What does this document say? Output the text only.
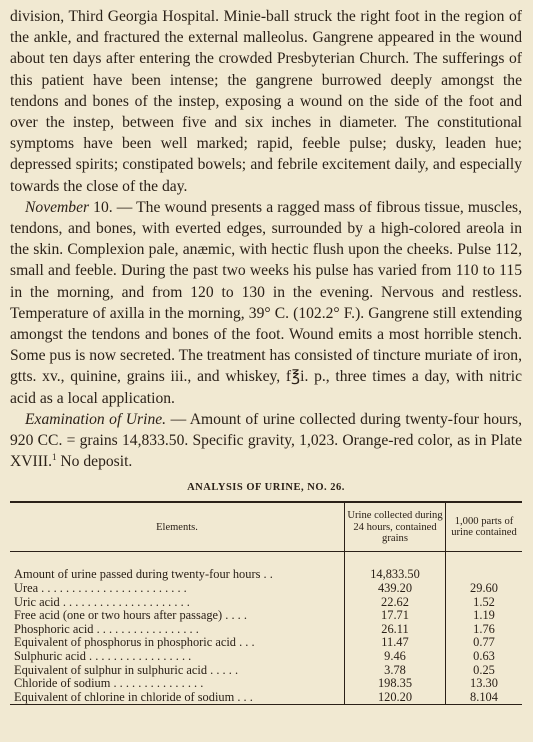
division, Third Georgia Hospital. Minie-ball struck the right foot in the region of the ankle, and fractured the external malleolus. Gangrene appeared in the wound about ten days after entering the crowded Presbyterian Church. The sufferings of this patient have been intense; the gangrene burrowed deeply amongst the tendons and bones of the instep, exposing a wound on the side of the foot and over the instep, between five and six inches in diameter. The constitutional symptoms have been well marked; rapid, feeble pulse; dusky, leaden hue; depressed spirits; constipated bowels; and febrile excitement daily, and especially towards the close of the day.

November 10. — The wound presents a ragged mass of fibrous tissue, muscles, tendons, and bones, with everted edges, surrounded by a high-colored areola in the skin. Complexion pale, anæmic, with hectic flush upon the cheeks. Pulse 112, small and feeble. During the past two weeks his pulse has varied from 110 to 115 in the morning, and from 120 to 130 in the evening. Nervous and restless. Temperature of axilla in the morning, 39° C. (102.2° F.). Gangrene still extending amongst the tendons and bones of the foot. Wound emits a most horrible stench. Some pus is now secreted. The treatment has consisted of tincture muriate of iron, gtts. xv., quinine, grains iii., and whiskey, f℥i. p., three times a day, with nitric acid as a local application.

Examination of Urine. — Amount of urine collected during twenty-four hours, 920 CC. = grains 14,833.50. Specific gravity, 1,023. Orange-red color, as in Plate XVIII.$^1$ No deposit.

ANALYSIS OF URINE, NO. 26.
Elements.	Urine collected during 24 hours, contained grains	1,000 parts of urine contained

Amount of urine passed during twenty-four hours . .	14,833.50	
Urea . . . . . . . . . . . . . . . . . . . . . . . .	439.20	29.60
Uric acid . . . . . . . . . . . . . . . . . . . . .	22.62	1.52
Free acid (one or two hours after passage) . . . .	17.71	1.19
Phosphoric acid . . . . . . . . . . . . . . . . .	26.11	1.76
Equivalent of phosphorus in phosphoric acid . . .	11.47	0.77
Sulphuric acid . . . . . . . . . . . . . . . . .	9.46	0.63
Equivalent of sulphur in sulphuric acid . . . . .	3.78	0.25
Chloride of sodium . . . . . . . . . . . . . . .	198.35	13.30
Equivalent of chlorine in chloride of sodium . . .	120.20	8.104
